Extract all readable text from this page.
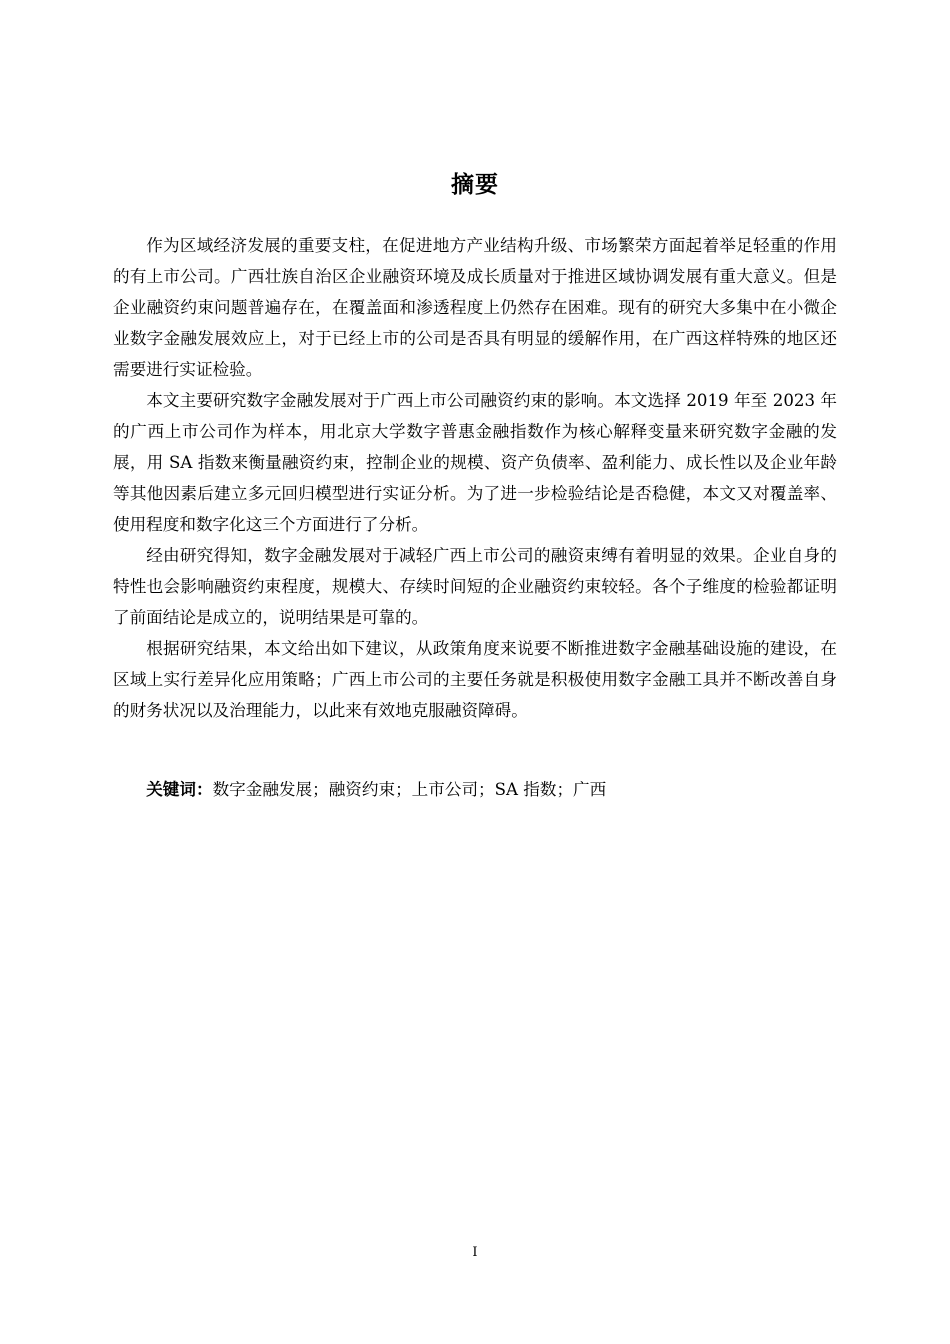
摘要

作为区域经济发展的重要支柱，在促进地方产业结构升级、市场繁荣方面起着举足轻重的作用的有上市公司。广西壮族自治区企业融资环境及成长质量对于推进区域协调发展有重大意义。但是企业融资约束问题普遍存在，在覆盖面和渗透程度上仍然存在困难。现有的研究大多集中在小微企业数字金融发展效应上，对于已经上市的公司是否具有明显的缓解作用，在广西这样特殊的地区还需要进行实证检验。

本文主要研究数字金融发展对于广西上市公司融资约束的影响。本文选择 2019 年至 2023 年的广西上市公司作为样本，用北京大学数字普惠金融指数作为核心解释变量来研究数字金融的发展，用 SA 指数来衡量融资约束，控制企业的规模、资产负债率、盈利能力、成长性以及企业年龄等其他因素后建立多元回归模型进行实证分析。为了进一步检验结论是否稳健，本文又对覆盖率、使用程度和数字化这三个方面进行了分析。

经由研究得知，数字金融发展对于减轻广西上市公司的融资束缚有着明显的效果。企业自身的特性也会影响融资约束程度，规模大、存续时间短的企业融资约束较轻。各个子维度的检验都证明了前面结论是成立的，说明结果是可靠的。

根据研究结果，本文给出如下建议，从政策角度来说要不断推进数字金融基础设施的建设，在区域上实行差异化应用策略；广西上市公司的主要任务就是积极使用数字金融工具并不断改善自身的财务状况以及治理能力，以此来有效地克服融资障碍。

关键词：数字金融发展；融资约束；上市公司；SA 指数；广西
I
